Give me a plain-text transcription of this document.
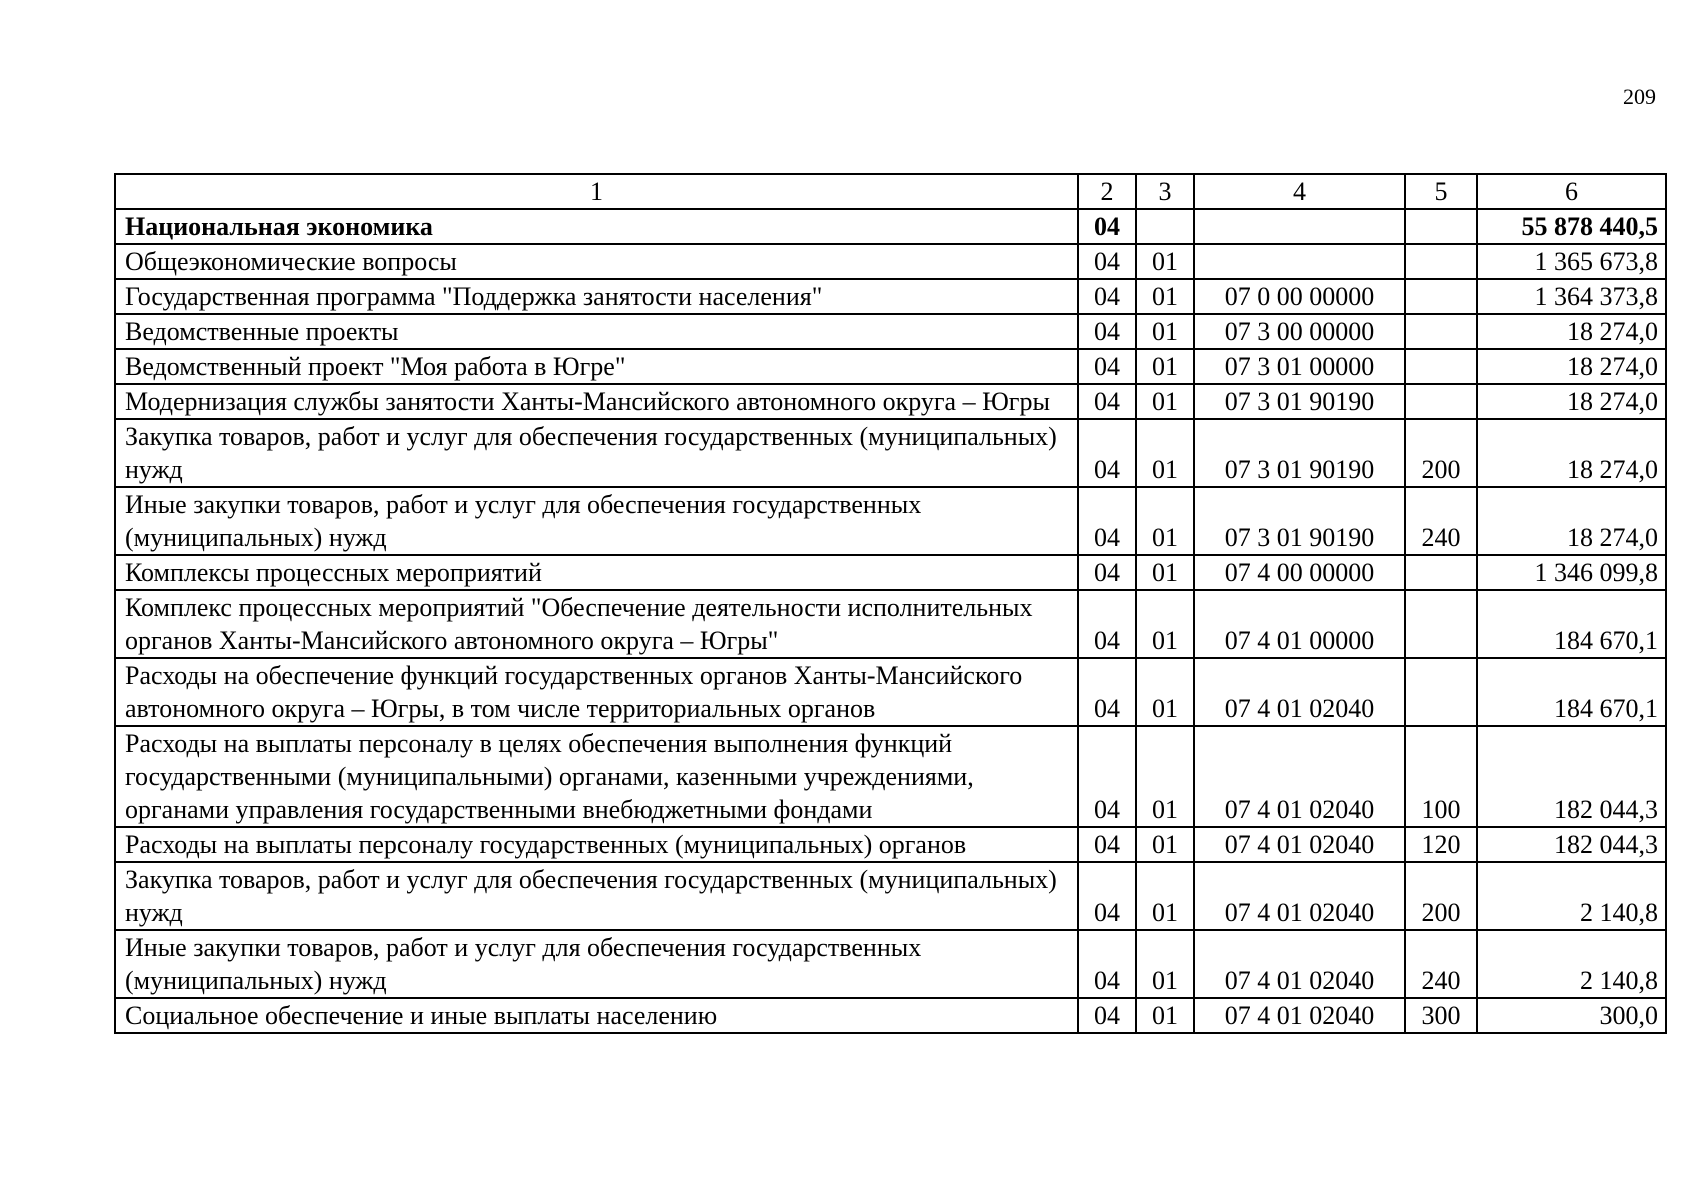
209
1	2	3	4	5	6
Национальная экономика	04				55 878 440,5
Общеэкономические вопросы	04	01			1 365 673,8
Государственная программа "Поддержка занятости населения"	04	01	07 0 00 00000		1 364 373,8
Ведомственные проекты	04	01	07 3 00 00000		18 274,0
Ведомственный проект "Моя работа в Югре"	04	01	07 3 01 00000		18 274,0
Модернизация службы занятости Ханты-Мансийского автономного округа – Югры	04	01	07 3 01 90190		18 274,0
Закупка товаров, работ и услуг для обеспечения государственных (муниципальных) нужд	04	01	07 3 01 90190	200	18 274,0
Иные закупки товаров, работ и услуг для обеспечения государственных (муниципальных) нужд	04	01	07 3 01 90190	240	18 274,0
Комплексы процессных мероприятий	04	01	07 4 00 00000		1 346 099,8
Комплекс процессных мероприятий "Обеспечение деятельности исполнительных органов Ханты-Мансийского автономного округа – Югры"	04	01	07 4 01 00000		184 670,1
Расходы на обеспечение функций государственных органов Ханты-Мансийского автономного округа – Югры, в том числе территориальных органов	04	01	07 4 01 02040		184 670,1
Расходы на выплаты персоналу в целях обеспечения выполнения функций государственными (муниципальными) органами, казенными учреждениями, органами управления государственными внебюджетными фондами	04	01	07 4 01 02040	100	182 044,3
Расходы на выплаты персоналу государственных (муниципальных) органов	04	01	07 4 01 02040	120	182 044,3
Закупка товаров, работ и услуг для обеспечения государственных (муниципальных) нужд	04	01	07 4 01 02040	200	2 140,8
Иные закупки товаров, работ и услуг для обеспечения государственных (муниципальных) нужд	04	01	07 4 01 02040	240	2 140,8
Социальное обеспечение и иные выплаты населению	04	01	07 4 01 02040	300	300,0
